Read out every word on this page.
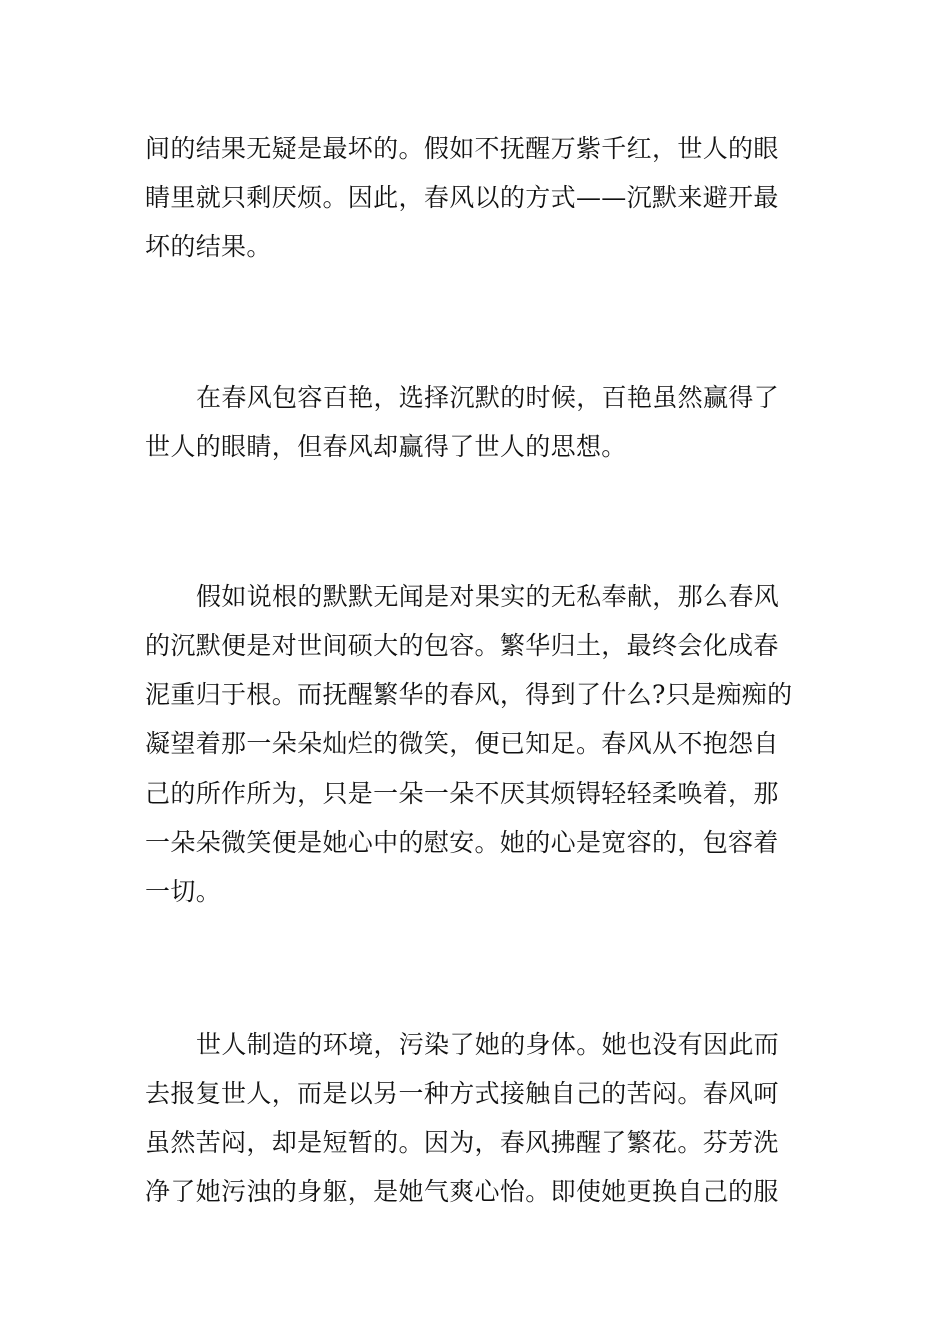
间的结果无疑是最坏的。假如不抚醒万紫千红，世人的眼
睛里就只剩厌烦。因此，春风以的方式——沉默来避开最
坏的结果。
在春风包容百艳，选择沉默的时候，百艳虽然赢得了
世人的眼睛，但春风却赢得了世人的思想。
假如说根的默默无闻是对果实的无私奉献，那么春风
的沉默便是对世间硕大的包容。繁华归土，最终会化成春
泥重归于根。而抚醒繁华的春风，得到了什么?只是痴痴的
凝望着那一朵朵灿烂的微笑，便已知足。春风从不抱怨自
己的所作所为，只是一朵一朵不厌其烦锝轻轻柔唤着，那
一朵朵微笑便是她心中的慰安。她的心是宽容的，包容着
一切。
世人制造的环境，污染了她的身体。她也没有因此而
去报复世人，而是以另一种方式接触自己的苦闷。春风呵
虽然苦闷，却是短暂的。因为，春风拂醒了繁花。芬芳洗
净了她污浊的身躯，是她气爽心怡。即使她更换自己的服
